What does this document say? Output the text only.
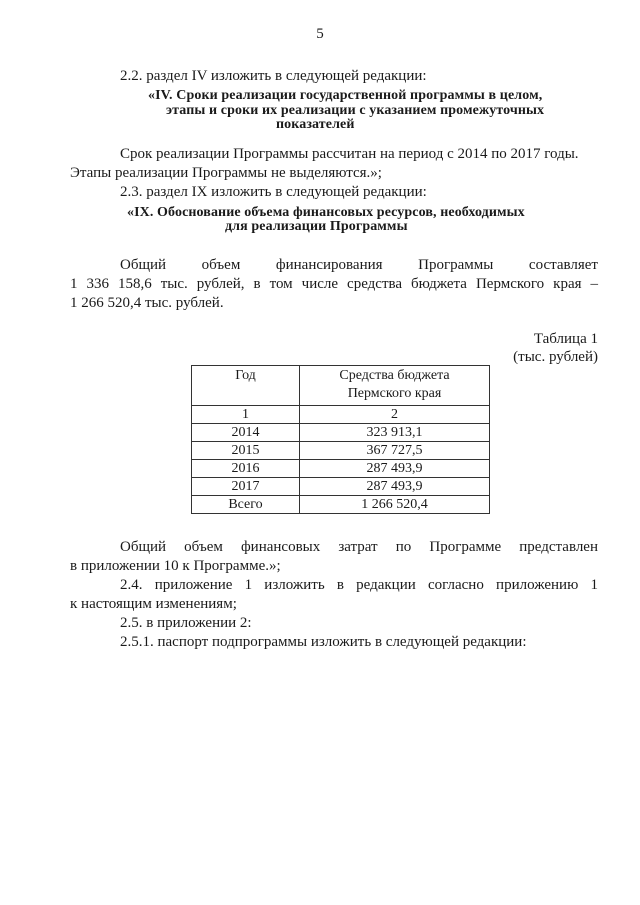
5
2.2. раздел IV изложить в следующей редакции:
«IV. Сроки реализации государственной программы в целом,
этапы и сроки их реализации с указанием промежуточных
показателей
Срок реализации Программы рассчитан на период с 2014 по 2017 годы.
Этапы реализации Программы не выделяются.»;
2.3. раздел IX изложить в следующей редакции:
«IX. Обоснование объема финансовых ресурсов, необходимых
для реализации Программы
Общий объем финансирования Программы составляет
1 336 158,6 тыс. рублей, в том числе средства бюджета Пермского края –
1 266 520,4 тыс. рублей.
Таблица 1
(тыс. рублей)
Год	Средства бюджета Пермского края
1	2
2014	323 913,1
2015	367 727,5
2016	287 493,9
2017	287 493,9
Всего	1 266 520,4
Общий объем финансовых затрат по Программе представлен
в приложении 10 к Программе.»;
2.4. приложение 1 изложить в редакции согласно приложению 1
к настоящим изменениям;
2.5. в приложении 2:
2.5.1. паспорт подпрограммы изложить в следующей редакции:
